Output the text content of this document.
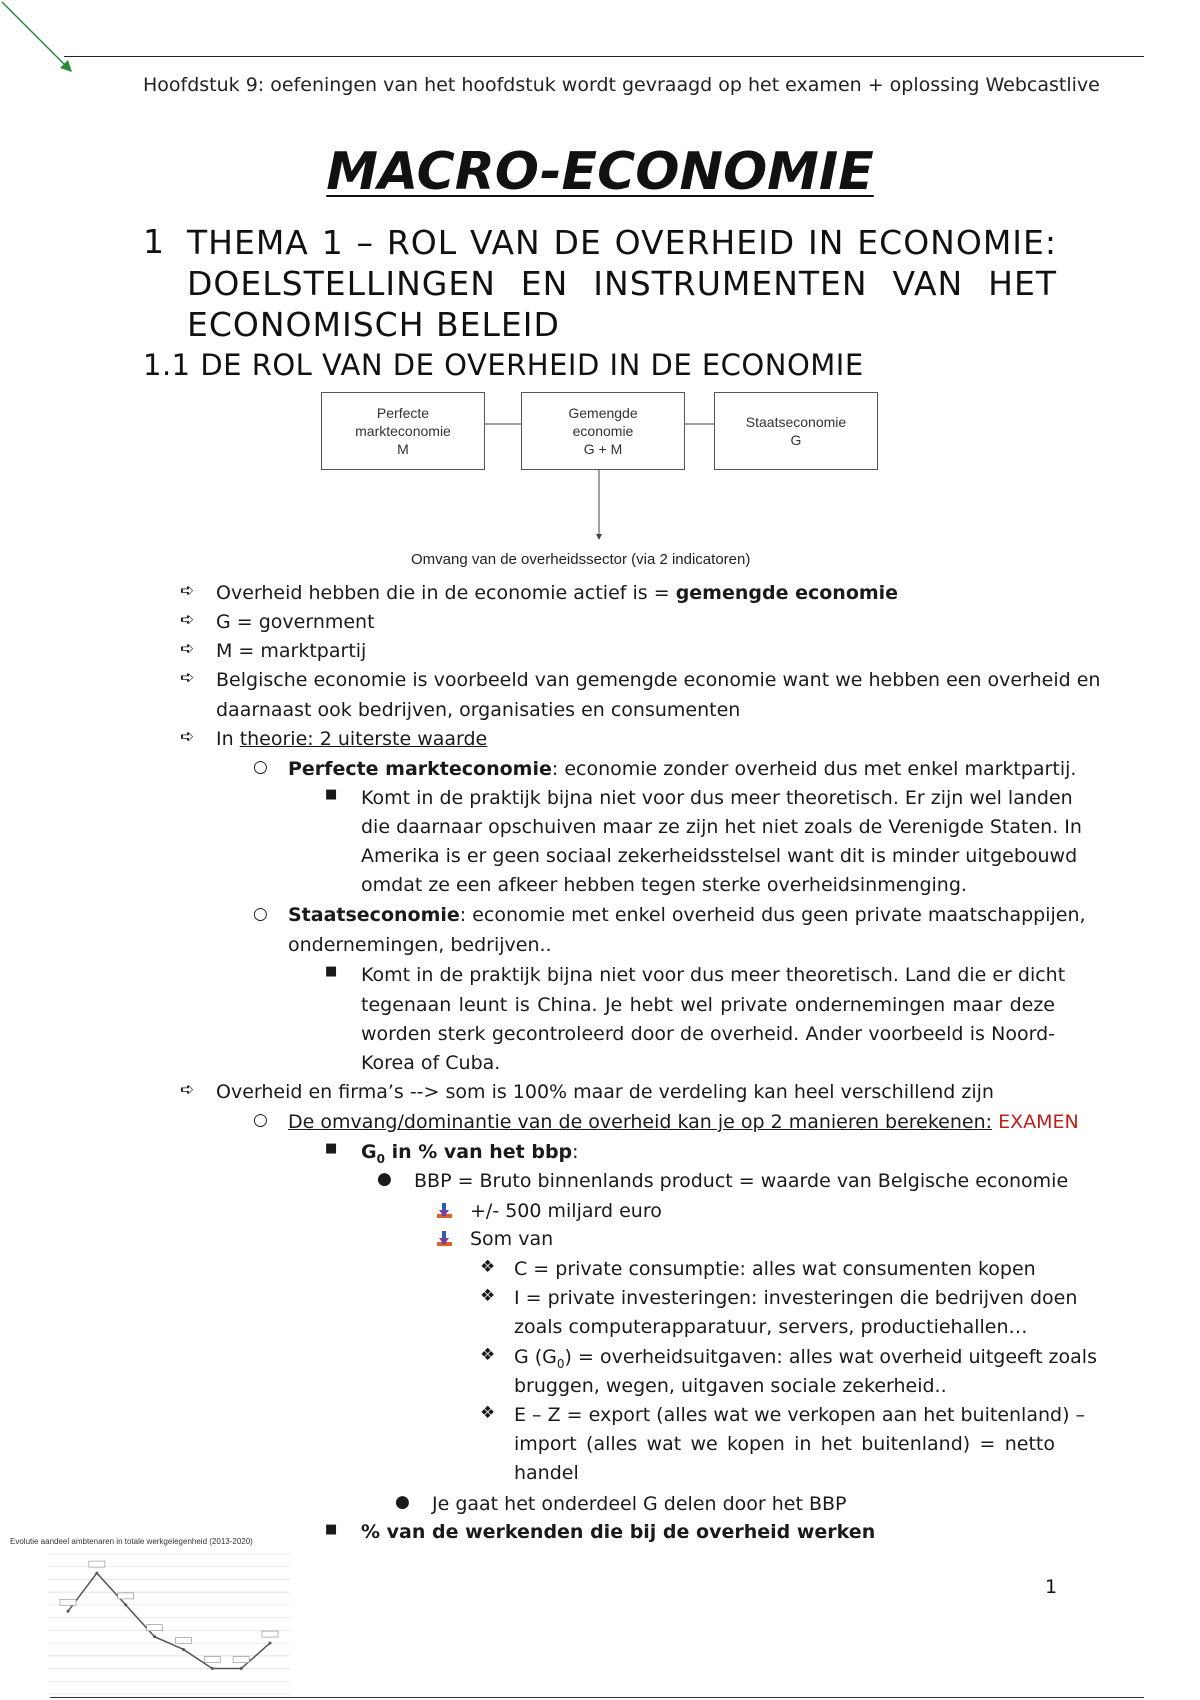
Hoofdstuk 9: oefeningen van het hoofdstuk wordt gevraagd op het examen + oplossing Webcastlive
MACRO-ECONOMIE
1 THEMA 1 – ROL VAN DE OVERHEID IN ECONOMIE:
DOELSTELLINGEN EN INSTRUMENTEN VAN HET
ECONOMISCH BELEID
1.1 DE ROL VAN DE OVERHEID IN DE ECONOMIE
Perfecte
markteconomie
M
Gemengde
economie
G + M
Staatseconomie
G
Omvang van de overheidssector (via 2 indicatoren)
➪ Overheid hebben die in de economie actief is = gemengde economie
➪ G = government
➪ M = marktpartij
➪ Belgische economie is voorbeeld van gemengde economie want we hebben een overheid en
daarnaast ook bedrijven, organisaties en consumenten
➪ In theorie: 2 uiterste waarde
○ Perfecte markteconomie: economie zonder overheid dus met enkel marktpartij.
■ Komt in de praktijk bijna niet voor dus meer theoretisch. Er zijn wel landen
die daarnaar opschuiven maar ze zijn het niet zoals de Verenigde Staten. In
Amerika is er geen sociaal zekerheidsstelsel want dit is minder uitgebouwd
omdat ze een afkeer hebben tegen sterke overheidsinmenging.
○ Staatseconomie: economie met enkel overheid dus geen private maatschappijen,
ondernemingen, bedrijven..
■ Komt in de praktijk bijna niet voor dus meer theoretisch. Land die er dicht
tegenaan leunt is China. Je hebt wel private ondernemingen maar deze
worden sterk gecontroleerd door de overheid. Ander voorbeeld is Noord-
Korea of Cuba.
➪ Overheid en firma’s --> som is 100% maar de verdeling kan heel verschillend zijn
○ De omvang/dominantie van de overheid kan je op 2 manieren berekenen: EXAMEN
■ $G_0$ in % van het bbp:
● BBP = Bruto binnenlands product = waarde van Belgische economie
+/- 500 miljard euro
Som van
❖ C = private consumptie: alles wat consumenten kopen
❖ I = private investeringen: investeringen die bedrijven doen
zoals computerapparatuur, servers, productiehallen…
❖ G $(G_0)$ = overheidsuitgaven: alles wat overheid uitgeeft zoals
bruggen, wegen, uitgaven sociale zekerheid..
❖ E – Z = export (alles wat we verkopen aan het buitenland) –
import (alles wat we kopen in het buitenland) = netto
handel
● Je gaat het onderdeel G delen door het BBP
■ % van de werkenden die bij de overheid werken
Evolutie aandeel ambtenaren in totale werkgelegenheid (2013-2020)
1
